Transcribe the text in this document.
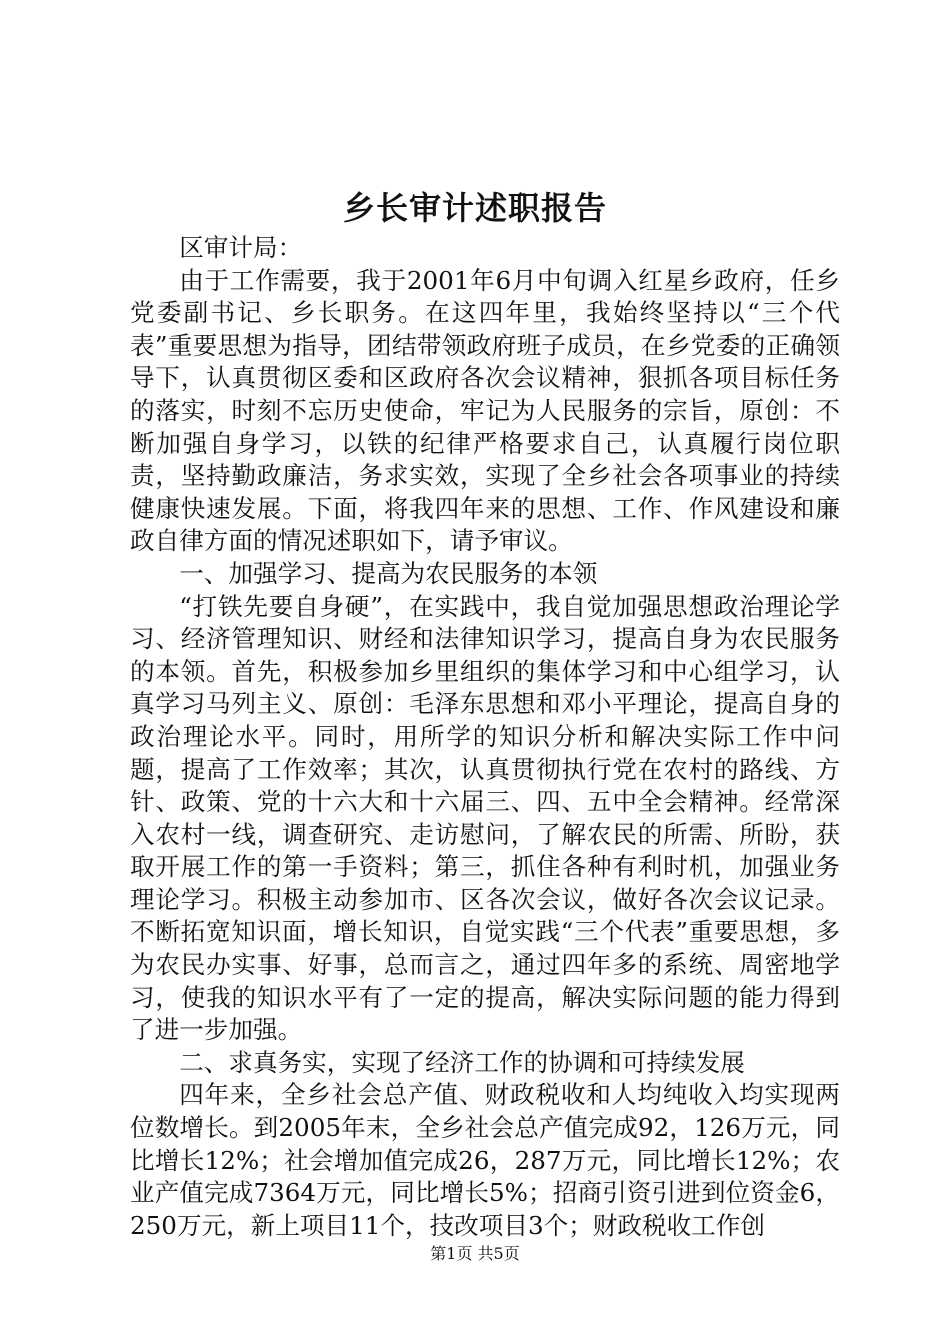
乡长审计述职报告

区审计局：

由于工作需要，我于2001年6月中旬调入红星乡政府，任乡党委副书记、乡长职务。在这四年里，我始终坚持以“三个代表”重要思想为指导，团结带领政府班子成员，在乡党委的正确领导下，认真贯彻区委和区政府各次会议精神，狠抓各项目标任务的落实，时刻不忘历史使命，牢记为人民服务的宗旨，原创：不断加强自身学习，以铁的纪律严格要求自己，认真履行岗位职责，坚持勤政廉洁，务求实效，实现了全乡社会各项事业的持续健康快速发展。下面，将我四年来的思想、工作、作风建设和廉政自律方面的情况述职如下，请予审议。

一、加强学习、提高为农民服务的本领

“打铁先要自身硬”，在实践中，我自觉加强思想政治理论学习、经济管理知识、财经和法律知识学习，提高自身为农民服务的本领。首先，积极参加乡里组织的集体学习和中心组学习，认真学习马列主义、原创：毛泽东思想和邓小平理论，提高自身的政治理论水平。同时，用所学的知识分析和解决实际工作中问题，提高了工作效率；其次，认真贯彻执行党在农村的路线、方针、政策、党的十六大和十六届三、四、五中全会精神。经常深入农村一线，调查研究、走访慰问，了解农民的所需、所盼，获取开展工作的第一手资料；第三，抓住各种有利时机，加强业务理论学习。积极主动参加市、区各次会议，做好各次会议记录。不断拓宽知识面，增长知识，自觉实践“三个代表”重要思想，多为农民办实事、好事，总而言之，通过四年多的系统、周密地学习，使我的知识水平有了一定的提高，解决实际问题的能力得到了进一步加强。

二、求真务实，实现了经济工作的协调和可持续发展

四年来，全乡社会总产值、财政税收和人均纯收入均实现两位数增长。到2005年末，全乡社会总产值完成92，126万元，同比增长12%；社会增加值完成26，287万元，同比增长12%；农业产值完成7364万元，同比增长5%；招商引资引进到位资金6，250万元，新上项目11个，技改项目3个；财政税收工作创

第1页 共5页
